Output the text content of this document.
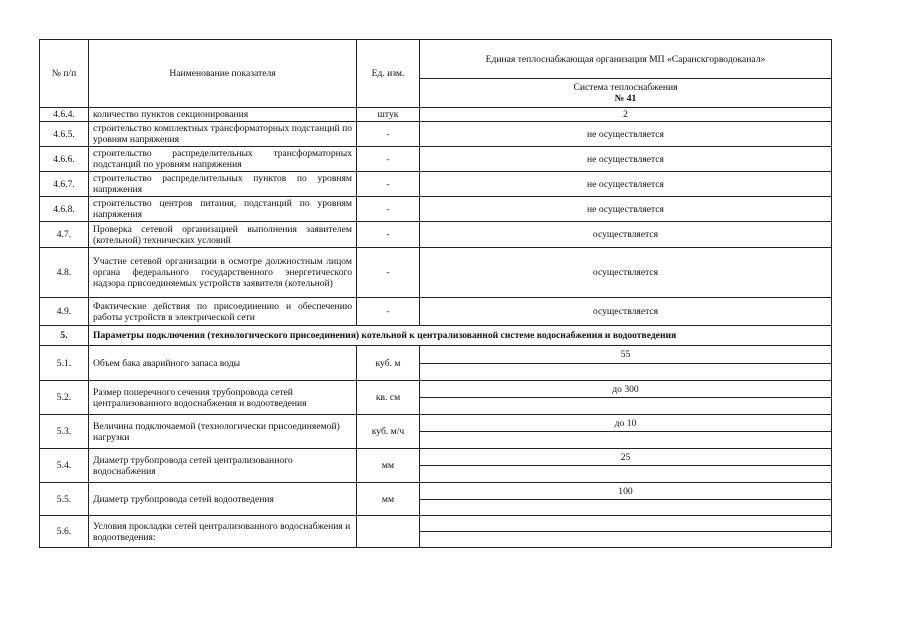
№ п/п	Наименование показателя	Ед. изм.	Единая теплоснабжающая организация МП «Саранскгорводоканал»

			Система теплоснабжения
№ 41

4.6.4.	количество пунктов секционирования	штук	2
4.6.5.	строительство комплектных трансформаторных подстанций по уровням напряжения	-	не осуществляется
4.6.6.	строительство распределительных трансформаторных подстанций по уровням напряжения	-	не осуществляется
4.6.7.	строительство распределительных пунктов по уровням напряжения	-	не осуществляется
4.6.8.	строительство центров питания, подстанций по уровням напряжения	-	не осуществляется
4.7.	Проверка сетевой организацией выполнения заявителем (котельной) технических условий	-	осуществляется
4.8.	Участие сетевой организации в осмотре должностным лицом органа федерального государственного энергетического надзора присоединяемых устройств заявителя (котельной)	-	осуществляется
4.9.	Фактические действия по присоединению и обеспечению работы устройств в электрической сети	-	осуществляется
5.	Параметры подключения (технологического присоединения) котельной к централизованной системе водоснабжения и водоотведения		
5.1.	Объем бака аварийного запаса воды	куб. м	55

5.2.	Размер поперечного сечения трубопровода сетей централизованного водоснабжения и водоотведения	кв. см	до 300

5.3.	Величина подключаемой (технологически присоединяемой) нагрузки	куб. м/ч	до 10

5.4.	Диаметр трубопровода сетей централизованного водоснабжения	мм	25

5.5.	Диаметр трубопровода сетей водоотведения	мм	100

5.6.	Условия прокладки сетей централизованного водоснабжения и водоотведения:		
